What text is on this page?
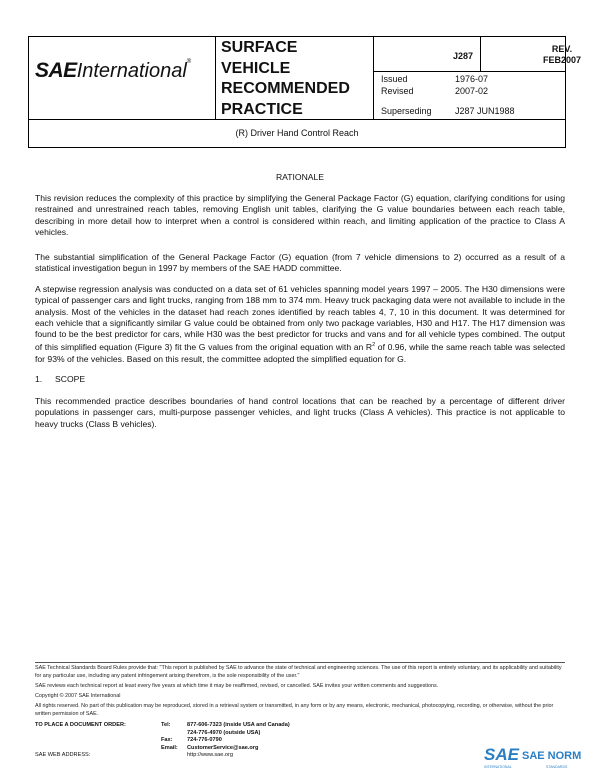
SAEInternational®
SURFACE
VEHICLE
RECOMMENDED
PRACTICE
J287
REV.
FEB2007
Issued	1976-07
Revised	2007-02
Superseding	J287 JUN1988
(R) Driver Hand Control Reach
RATIONALE
This revision reduces the complexity of this practice by simplifying the General Package Factor (G) equation, clarifying conditions for using restrained and unrestrained reach tables, removing English unit tables, clarifying the G value boundaries between each reach table, describing in more detail how to interpret when a control is considered within reach, and limiting application of the practice to Class A vehicles.
The substantial simplification of the General Package Factor (G) equation (from 7 vehicle dimensions to 2) occurred as a result of a statistical investigation begun in 1997 by members of the SAE HADD committee.
A stepwise regression analysis was conducted on a data set of 61 vehicles spanning model years 1997 – 2005. The H30 dimensions were typical of passenger cars and light trucks, ranging from 188 mm to 374 mm. Heavy truck packaging data were not available to include in the analysis. Most of the vehicles in the dataset had reach zones identified by reach tables 4, 7, 10 in this document. It was determined for each vehicle that a significantly similar G value could be obtained from only two package variables, H30 and H17. The H17 dimension was found to be the best predictor for cars, while H30 was the best predictor for trucks and vans and for all vehicle types combined. The output of this simplified equation (Figure 3) fit the G values from the original equation with an $R^2$ of 0.96, while the same reach table was selected for 93% of the vehicles. Based on this result, the committee adopted the simplified equation for G.
1. SCOPE
This recommended practice describes boundaries of hand control locations that can be reached by a percentage of different driver populations in passenger cars, multi-purpose passenger vehicles, and light trucks (Class A vehicles). This practice is not applicable to heavy trucks (Class B vehicles).
SAE Technical Standards Board Rules provide that: "This report is published by SAE to advance the state of technical and engineering sciences. The use of this report is entirely voluntary, and its applicability and suitability for any particular use, including any patent infringement arising therefrom, is the sole responsibility of the user."
SAE reviews each technical report at least every five years at which time it may be reaffirmed, revised, or cancelled. SAE invites your written comments and suggestions.
Copyright © 2007 SAE International
All rights reserved. No part of this publication may be reproduced, stored in a retrieval system or transmitted, in any form or by any means, electronic, mechanical, photocopying, recording, or otherwise, without the prior written permission of SAE.
TO PLACE A DOCUMENT ORDER:	Tel:	877-606-7323 (inside USA and Canada)
724-776-4970 (outside USA)
Fax:	724-776-0790
Email: CustomerService@sae.org
SAE WEB ADDRESS:	http://www.sae.org	SAE SAE NORM
INTERNATIONAL	STANDARDS
